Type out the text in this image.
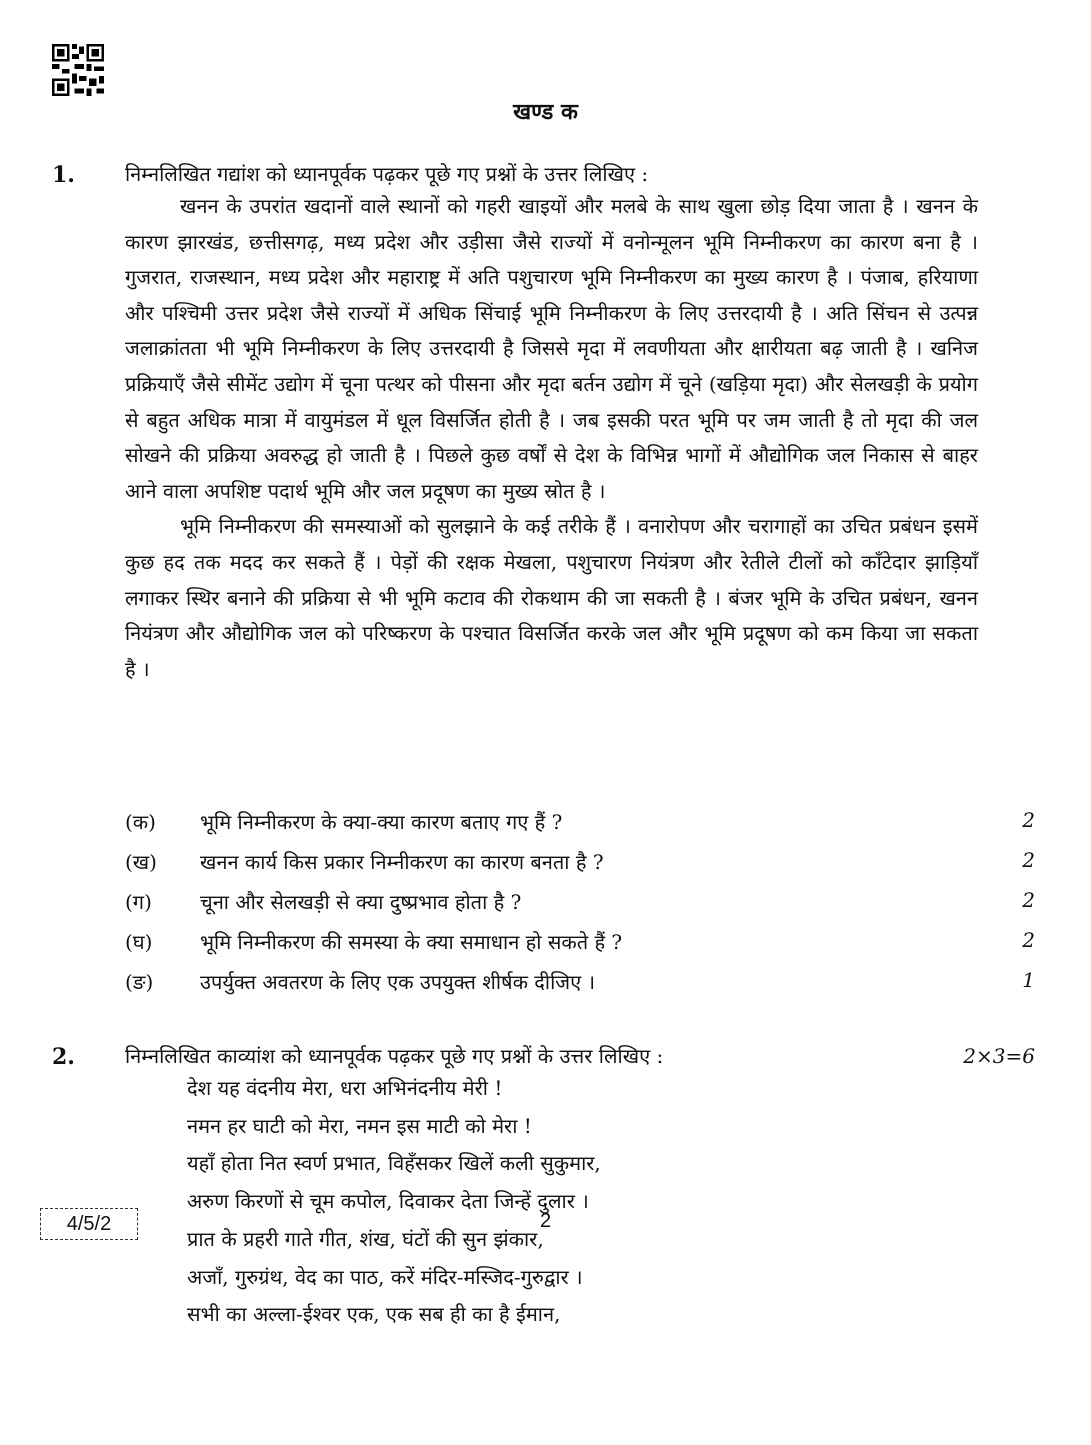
खण्ड क
1.	निम्नलिखित गद्यांश को ध्यानपूर्वक पढ़कर पूछे गए प्रश्नों के उत्तर लिखिए :

खनन के उपरांत खदानों वाले स्थानों को गहरी खाइयों और मलबे के साथ खुला छोड़ दिया जाता है । खनन के कारण झारखंड, छत्तीसगढ़, मध्य प्रदेश और उड़ीसा जैसे राज्यों में वनोन्मूलन भूमि निम्नीकरण का कारण बना है । गुजरात, राजस्थान, मध्य प्रदेश और महाराष्ट्र में अति पशुचारण भूमि निम्नीकरण का मुख्य कारण है । पंजाब, हरियाणा और पश्चिमी उत्तर प्रदेश जैसे राज्यों में अधिक सिंचाई भूमि निम्नीकरण के लिए उत्तरदायी है । अति सिंचन से उत्पन्न जलाक्रांतता भी भूमि निम्नीकरण के लिए उत्तरदायी है जिससे मृदा में लवणीयता और क्षारीयता बढ़ जाती है । खनिज प्रक्रियाएँ जैसे सीमेंट उद्योग में चूना पत्थर को पीसना और मृदा बर्तन उद्योग में चूने (खड़िया मृदा) और सेलखड़ी के प्रयोग से बहुत अधिक मात्रा में वायुमंडल में धूल विसर्जित होती है । जब इसकी परत भूमि पर जम जाती है तो मृदा की जल सोखने की प्रक्रिया अवरुद्ध हो जाती है । पिछले कुछ वर्षों से देश के विभिन्न भागों में औद्योगिक जल निकास से बाहर आने वाला अपशिष्ट पदार्थ भूमि और जल प्रदूषण का मुख्य स्रोत है ।

भूमि निम्नीकरण की समस्याओं को सुलझाने के कई तरीके हैं । वनारोपण और चरागाहों का उचित प्रबंधन इसमें कुछ हद तक मदद कर सकते हैं । पेड़ों की रक्षक मेखला, पशुचारण नियंत्रण और रेतीले टीलों को काँटेदार झाड़ियाँ लगाकर स्थिर बनाने की प्रक्रिया से भी भूमि कटाव की रोकथाम की जा सकती है । बंजर भूमि के उचित प्रबंधन, खनन नियंत्रण और औद्योगिक जल को परिष्करण के पश्चात विसर्जित करके जल और भूमि प्रदूषण को कम किया जा सकता है ।

(क) भूमि निम्नीकरण के क्या-क्या कारण बताए गए हैं ?	2
(ख) खनन कार्य किस प्रकार निम्नीकरण का कारण बनता है ?	2
(ग) चूना और सेलखड़ी से क्या दुष्प्रभाव होता है ?	2
(घ) भूमि निम्नीकरण की समस्या के क्या समाधान हो सकते हैं ?	2
(ङ) उपर्युक्त अवतरण के लिए एक उपयुक्त शीर्षक दीजिए ।	1
2.	निम्नलिखित काव्यांश को ध्यानपूर्वक पढ़कर पूछे गए प्रश्नों के उत्तर लिखिए :	2×3=6
देश यह वंदनीय मेरा, धरा अभिनंदनीय मेरी !
नमन हर घाटी को मेरा, नमन इस माटी को मेरा !
यहाँ होता नित स्वर्ण प्रभात, विहँसकर खिलें कली सुकुमार,
अरुण किरणों से चूम कपोल, दिवाकर देता जिन्हें दुलार ।
प्रात के प्रहरी गाते गीत, शंख, घंटों की सुन झंकार,
अजाँ, गुरुग्रंथ, वेद का पाठ, करें मंदिर-मस्जिद-गुरुद्वार ।
सभी का अल्ला-ईश्वर एक, एक सब ही का है ईमान,
4/5/2	2
